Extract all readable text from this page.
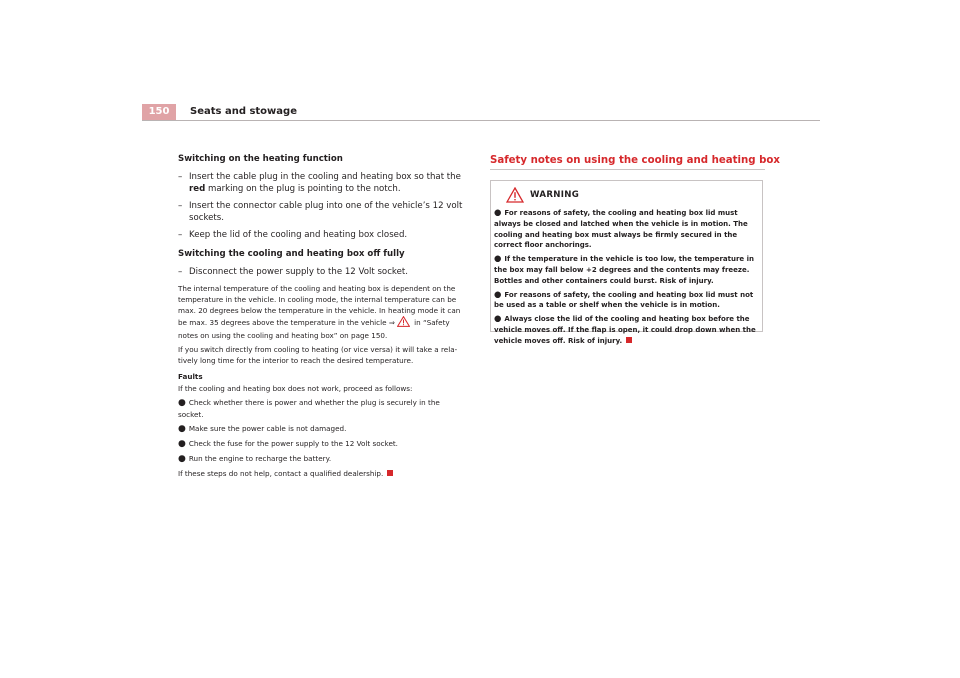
150	Seats and stowage
Switching on the heating function
– Insert the cable plug in the cooling and heating box so that the red marking on the plug is pointing to the notch.
– Insert the connector cable plug into one of the vehicle’s 12 volt sockets.
– Keep the lid of the cooling and heating box closed.
Switching the cooling and heating box off fully
– Disconnect the power supply to the 12 Volt socket.
The internal temperature of the cooling and heating box is dependent on the temperature in the vehicle. In cooling mode, the internal temperature can be max. 20 degrees below the temperature in the vehicle. In heating mode it can be max. 35 degrees above the temperature in the vehicle ⇒ in “Safety notes on using the cooling and heating box” on page 150.
If you switch directly from cooling to heating (or vice versa) it will take a rela-tively long time for the interior to reach the desired temperature.
Faults
If the cooling and heating box does not work, proceed as follows:
● Check whether there is power and whether the plug is securely in the socket.
● Make sure the power cable is not damaged.
● Check the fuse for the power supply to the 12 Volt socket.
● Run the engine to recharge the battery.
If these steps do not help, contact a qualified dealership.
Safety notes on using the cooling and heating box
WARNING
● For reasons of safety, the cooling and heating box lid must always be closed and latched when the vehicle is in motion. The cooling and heating box must always be firmly secured in the correct floor anchorings.
● If the temperature in the vehicle is too low, the temperature in the box may fall below +2 degrees and the contents may freeze. Bottles and other containers could burst. Risk of injury.
● For reasons of safety, the cooling and heating box lid must not be used as a table or shelf when the vehicle is in motion.
● Always close the lid of the cooling and heating box before the vehicle moves off. If the flap is open, it could drop down when the vehicle moves off. Risk of injury.
